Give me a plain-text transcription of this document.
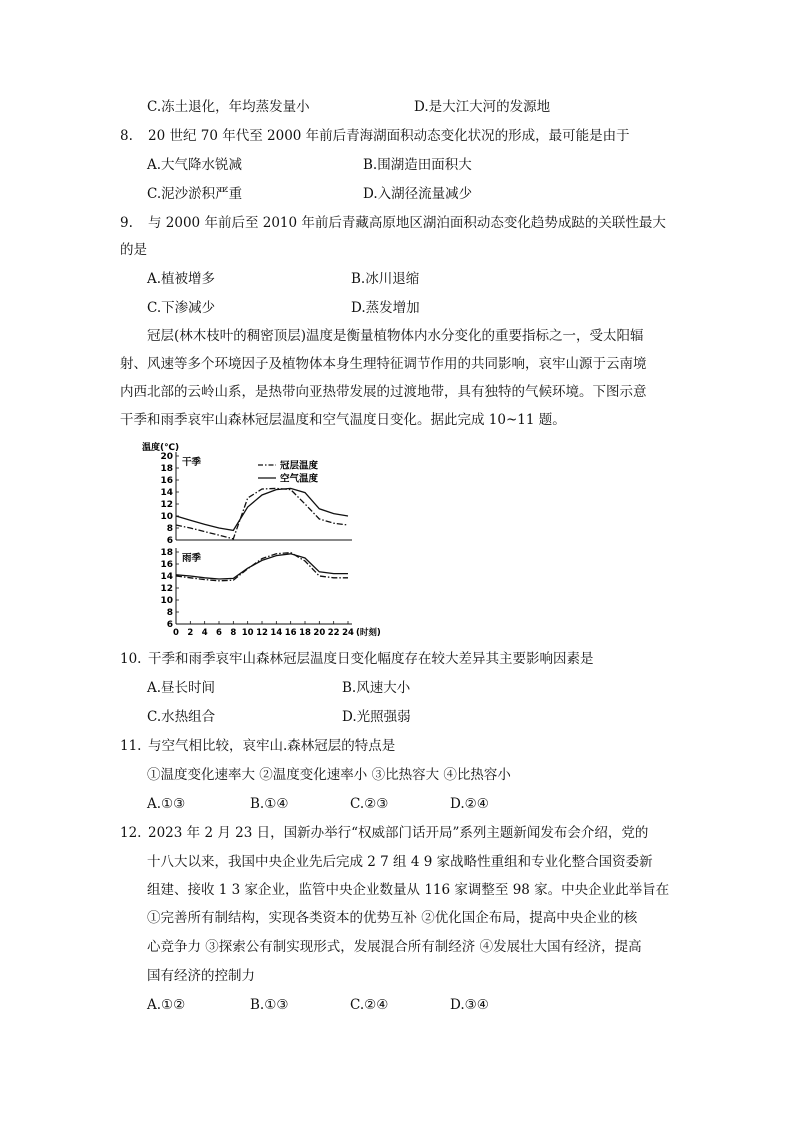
C.冻土退化，年均蒸发量小	D.是大江大河的发源地
8. 20 世纪 70 年代至 2000 年前后青海湖面积动态变化状况的形成，最可能是由于
A.大气降水锐减	B.围湖造田面积大
C.泥沙淤积严重	D.入湖径流量减少
9. 与 2000 年前后至 2010 年前后青藏高原地区湖泊面积动态变化趋势成跶的关联性最大
的是
A.植被增多	B.冰川退缩
C.下渗减少	D.蒸发增加
冠层(林木枝叶的稠密顶层)温度是衡量植物体内水分变化的重要指标之一，受太阳辐
射、风速等多个环境因子及植物体本身生理特征调节作用的共同影响，哀牢山源于云南境
内西北部的云岭山系，是热带向亚热带发展的过渡地带，具有独特的气候环境。下图示意
干季和雨季哀牢山森林冠层温度和空气温度日变化。据此完成 10~11 题。
温度(℃)
20
18
16
14
12
10
8
6
干季
18
16
14
12
10
8
6
雨季
冠层温度
空气温度
0 2 4 6 8 10 12 14 16 18 20 22 24 (时刻)
10. 干季和雨季哀牢山森林冠层温度日变化幅度存在较大差异其主要影响因素是
A.昼长时间	B.风速大小
C.水热组合	D.光照强弱
11. 与空气相比较，哀牢山.森林冠层的特点是
①温度变化速率大 ②温度变化速率小 ③比热容大 ④比热容小
A.①③	B.①④	C.②③	D.②④
12. 2023 年 2 月 23 日，国新办举行“权威部门话开局”系列主题新闻发布会介绍，党的
十八大以来，我国中央企业先后完成 2 7 组 4 9 家战略性重组和专业化整合国资委新
组建、接收 1 3 家企业，监管中央企业数量从 116 家调整至 98 家。中央企业此举旨在
①完善所有制结构，实现各类资本的优势互补 ②优化国企布局，提高中央企业的核
心竞争力 ③探索公有制实现形式，发展混合所有制经济 ④发展壮大国有经济，提高
国有经济的控制力
A.①②	B.①③	C.②④	D.③④
